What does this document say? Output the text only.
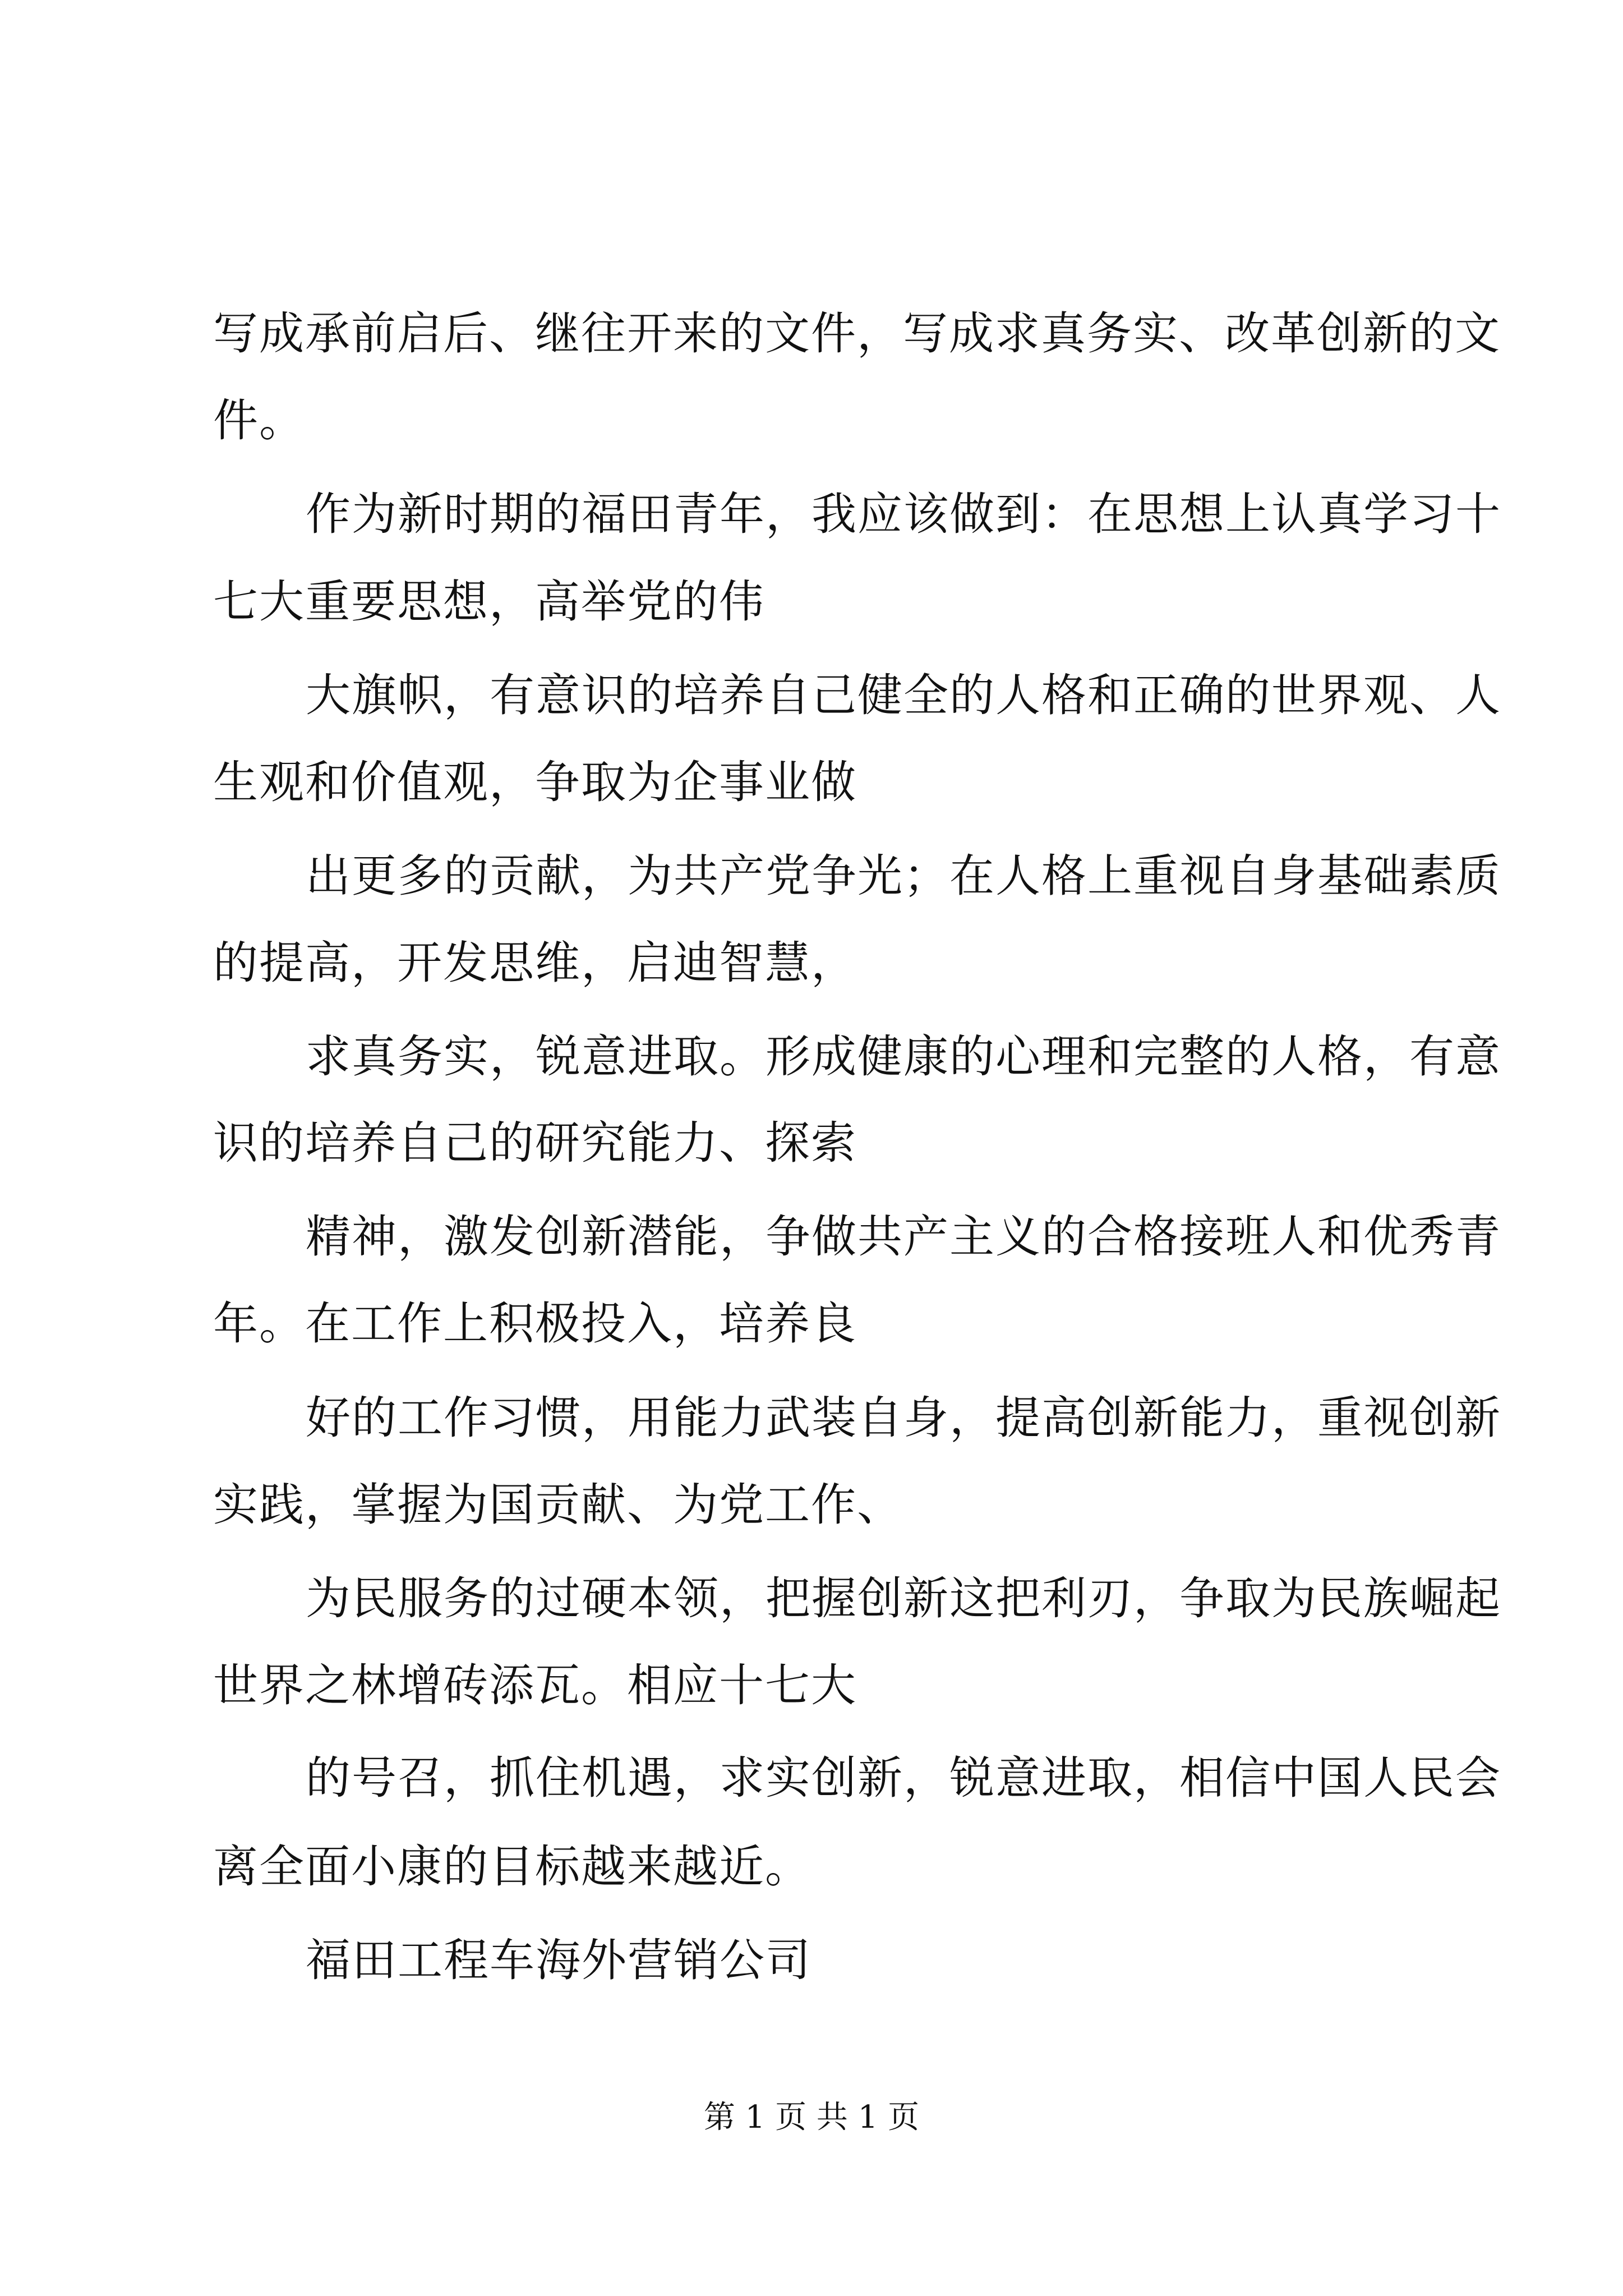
写成承前启后、继往开来的文件，写成求真务实、改革创新的文
件。
作为新时期的福田青年，我应该做到：在思想上认真学习十
七大重要思想，高举党的伟
大旗帜，有意识的培养自己健全的人格和正确的世界观、人
生观和价值观，争取为企事业做
出更多的贡献，为共产党争光；在人格上重视自身基础素质
的提高，开发思维，启迪智慧，
求真务实，锐意进取。形成健康的心理和完整的人格，有意
识的培养自己的研究能力、探索
精神，激发创新潜能，争做共产主义的合格接班人和优秀青
年。在工作上积极投入，培养良
好的工作习惯，用能力武装自身，提高创新能力，重视创新
实践，掌握为国贡献、为党工作、
为民服务的过硬本领，把握创新这把利刃，争取为民族崛起
世界之林增砖添瓦。相应十七大
的号召，抓住机遇，求实创新，锐意进取，相信中国人民会
离全面小康的目标越来越近。
福田工程车海外营销公司
第 1 页 共 1 页
